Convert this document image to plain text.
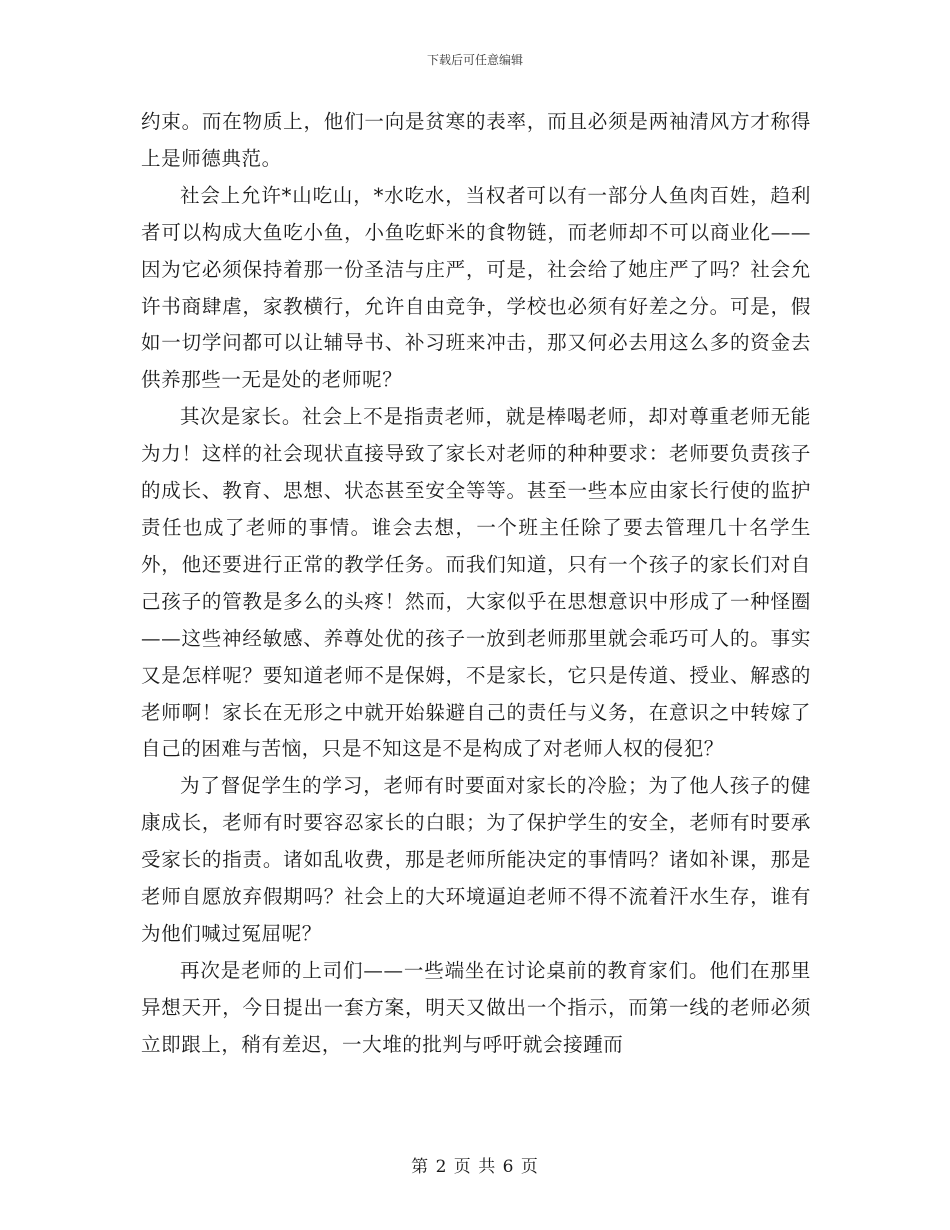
下载后可任意编辑

约束。而在物质上，他们一向是贫寒的表率，而且必须是两袖清风方才称得上是师德典范。

社会上允许*山吃山，*水吃水，当权者可以有一部分人鱼肉百姓，趋利者可以构成大鱼吃小鱼，小鱼吃虾米的食物链，而老师却不可以商业化——因为它必须保持着那一份圣洁与庄严，可是，社会给了她庄严了吗？社会允许书商肆虐，家教横行，允许自由竞争，学校也必须有好差之分。可是，假如一切学问都可以让辅导书、补习班来冲击，那又何必去用这么多的资金去供养那些一无是处的老师呢？

其次是家长。社会上不是指责老师，就是棒喝老师，却对尊重老师无能为力！这样的社会现状直接导致了家长对老师的种种要求：老师要负责孩子的成长、教育、思想、状态甚至安全等等。甚至一些本应由家长行使的监护责任也成了老师的事情。谁会去想，一个班主任除了要去管理几十名学生外，他还要进行正常的教学任务。而我们知道，只有一个孩子的家长们对自己孩子的管教是多么的头疼！然而，大家似乎在思想意识中形成了一种怪圈——这些神经敏感、养尊处优的孩子一放到老师那里就会乖巧可人的。事实又是怎样呢？要知道老师不是保姆，不是家长，它只是传道、授业、解惑的老师啊！家长在无形之中就开始躲避自己的责任与义务，在意识之中转嫁了自己的困难与苦恼，只是不知这是不是构成了对老师人权的侵犯？

为了督促学生的学习，老师有时要面对家长的冷脸；为了他人孩子的健康成长，老师有时要容忍家长的白眼；为了保护学生的安全，老师有时要承受家长的指责。诸如乱收费，那是老师所能决定的事情吗？诸如补课，那是老师自愿放弃假期吗？社会上的大环境逼迫老师不得不流着汗水生存，谁有为他们喊过冤屈呢？

再次是老师的上司们——一些端坐在讨论桌前的教育家们。他们在那里异想天开，今日提出一套方案，明天又做出一个指示，而第一线的老师必须立即跟上，稍有差迟，一大堆的批判与呼吁就会接踵而

第 2 页 共 6 页
